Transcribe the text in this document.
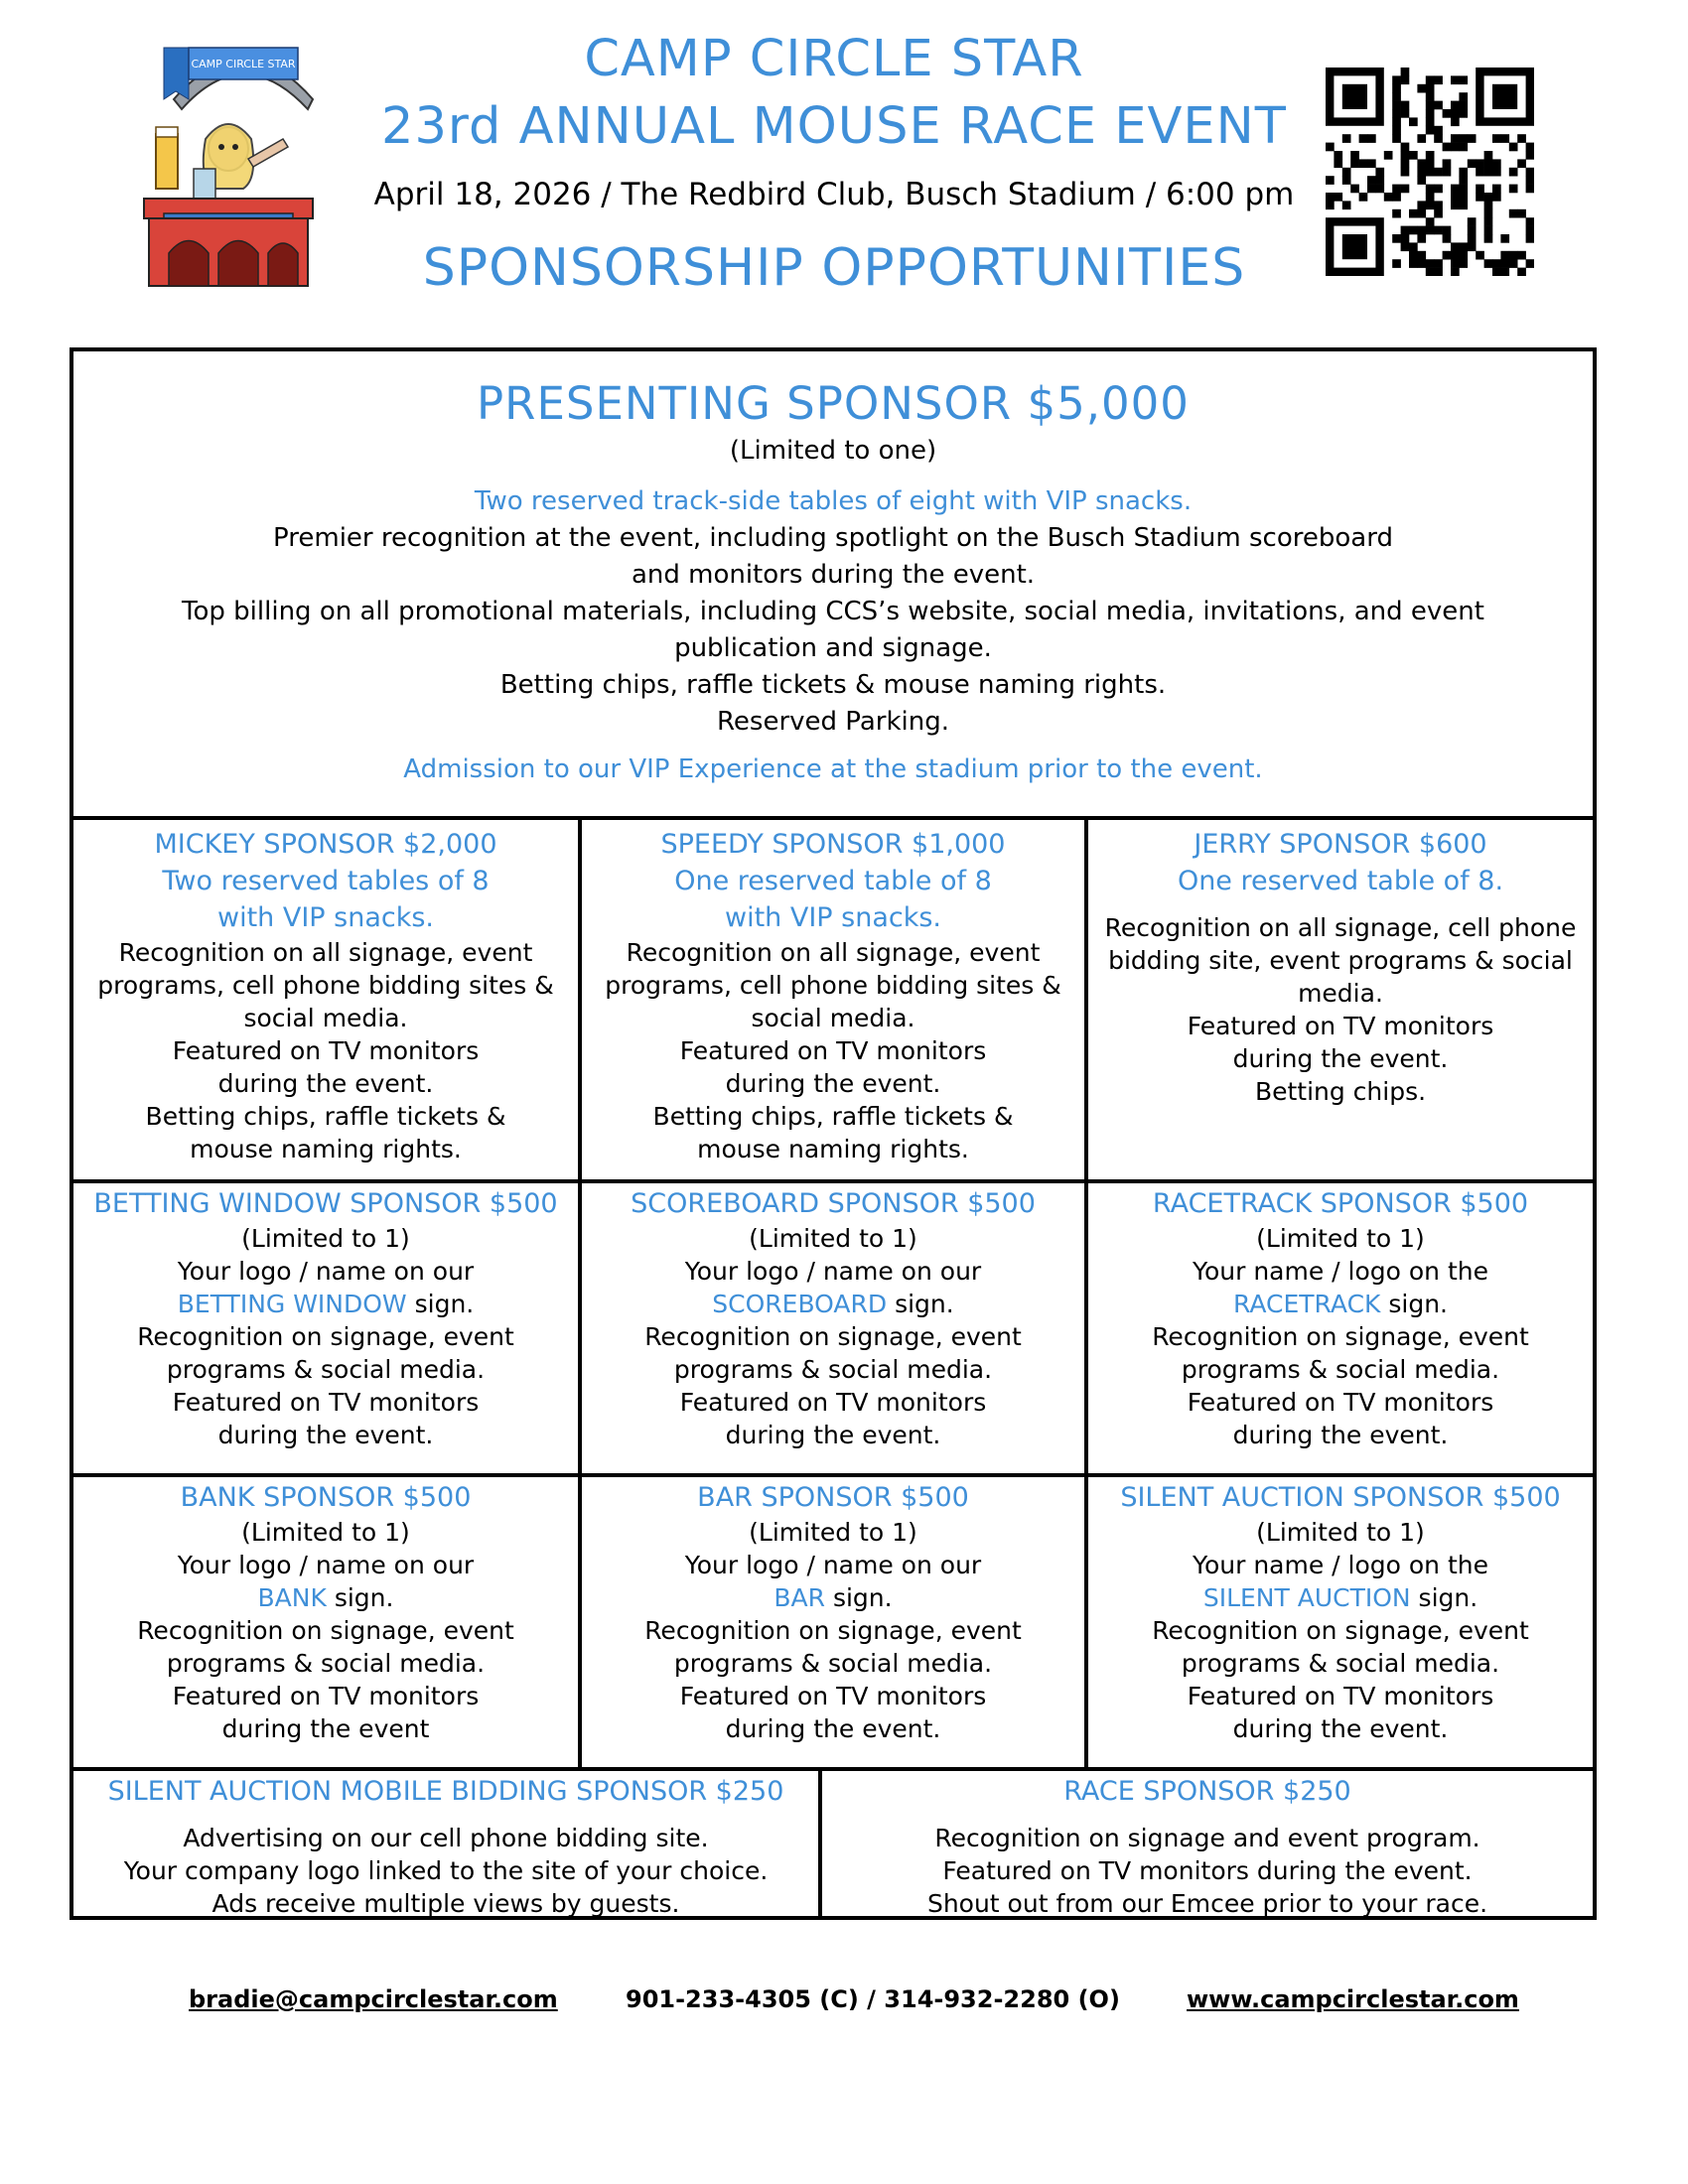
CAMP CIRCLE STAR	CAMP CIRCLE STAR
23rd ANNUAL MOUSE RACE EVENT
April 18, 2026 / The Redbird Club, Busch Stadium / 6:00 pm
SPONSORSHIP OPPORTUNITIES
PRESENTING SPONSOR $5,000
(Limited to one)
Two reserved track-side tables of eight with VIP snacks.
Premier recognition at the event, including spotlight on the Busch Stadium scoreboard
and monitors during the event.
Top billing on all promotional materials, including CCS’s website, social media, invitations, and event
publication and signage.
Betting chips, raffle tickets & mouse naming rights.
Reserved Parking.
Admission to our VIP Experience at the stadium prior to the event.
MICKEY SPONSOR $2,000
Two reserved tables of 8
with VIP snacks.
Recognition on all signage, event
programs, cell phone bidding sites &
social media.
Featured on TV monitors
during the event.
Betting chips, raffle tickets &
mouse naming rights.
SPEEDY SPONSOR $1,000
One reserved table of 8
with VIP snacks.
Recognition on all signage, event
programs, cell phone bidding sites &
social media.
Featured on TV monitors
during the event.
Betting chips, raffle tickets &
mouse naming rights.
JERRY SPONSOR $600
One reserved table of 8.
Recognition on all signage, cell phone
bidding site, event programs & social
media.
Featured on TV monitors
during the event.
Betting chips.
BETTING WINDOW SPONSOR $500
(Limited to 1)
Your logo / name on our
BETTING WINDOW sign.
Recognition on signage, event
programs & social media.
Featured on TV monitors
during the event.
SCOREBOARD SPONSOR $500
(Limited to 1)
Your logo / name on our
SCOREBOARD sign.
Recognition on signage, event
programs & social media.
Featured on TV monitors
during the event.
RACETRACK SPONSOR $500
(Limited to 1)
Your name / logo on the
RACETRACK sign.
Recognition on signage, event
programs & social media.
Featured on TV monitors
during the event.
BANK SPONSOR $500
(Limited to 1)
Your logo / name on our
BANK sign.
Recognition on signage, event
programs & social media.
Featured on TV monitors
during the event
BAR SPONSOR $500
(Limited to 1)
Your logo / name on our
BAR sign.
Recognition on signage, event
programs & social media.
Featured on TV monitors
during the event.
SILENT AUCTION SPONSOR $500
(Limited to 1)
Your name / logo on the
SILENT AUCTION sign.
Recognition on signage, event
programs & social media.
Featured on TV monitors
during the event.
SILENT AUCTION MOBILE BIDDING SPONSOR $250
Advertising on our cell phone bidding site.
Your company logo linked to the site of your choice.
Ads receive multiple views by guests.
RACE SPONSOR $250
Recognition on signage and event program.
Featured on TV monitors during the event.
Shout out from our Emcee prior to your race.
bradie@campcirclestar.com	901-233-4305 (C) / 314-932-2280 (O)	www.campcirclestar.com
